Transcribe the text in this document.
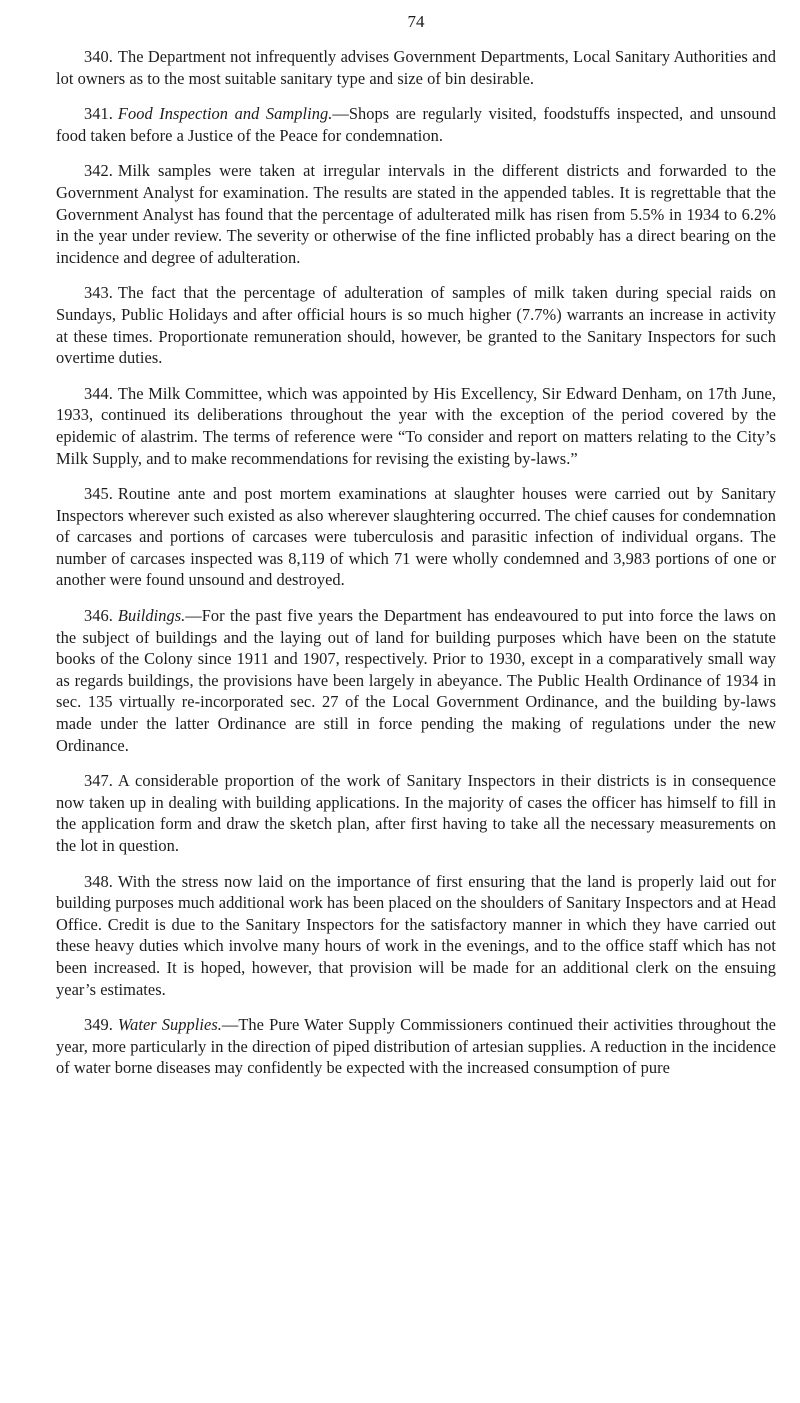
74

340. The Department not infrequently advises Government Departments, Local Sanitary Authorities and lot owners as to the most suitable sanitary type and size of bin desirable.

341. Food Inspection and Sampling.—Shops are regularly visited, foodstuffs inspected, and unsound food taken before a Justice of the Peace for condemnation.

342. Milk samples were taken at irregular intervals in the different districts and forwarded to the Government Analyst for examination. The results are stated in the appended tables. It is regrettable that the Government Analyst has found that the percentage of adulterated milk has risen from 5.5% in 1934 to 6.2% in the year under review. The severity or otherwise of the fine inflicted probably has a direct bearing on the incidence and degree of adulteration.

343. The fact that the percentage of adulteration of samples of milk taken during special raids on Sundays, Public Holidays and after official hours is so much higher (7.7%) warrants an increase in activity at these times. Proportionate remuneration should, however, be granted to the Sanitary Inspectors for such overtime duties.

344. The Milk Committee, which was appointed by His Excellency, Sir Edward Denham, on 17th June, 1933, continued its deliberations throughout the year with the exception of the period covered by the epidemic of alastrim. The terms of reference were “To consider and report on matters relating to the City’s Milk Supply, and to make recommendations for revising the existing by-laws.”

345. Routine ante and post mortem examinations at slaughter houses were carried out by Sanitary Inspectors wherever such existed as also wherever slaughtering occurred. The chief causes for condemnation of carcases and portions of carcases were tuberculosis and parasitic infection of individual organs. The number of carcases inspected was 8,119 of which 71 were wholly condemned and 3,983 portions of one or another were found unsound and destroyed.

346. Buildings.—For the past five years the Department has endeavoured to put into force the laws on the subject of buildings and the laying out of land for building purposes which have been on the statute books of the Colony since 1911 and 1907, respectively. Prior to 1930, except in a comparatively small way as regards buildings, the provisions have been largely in abeyance. The Public Health Ordinance of 1934 in sec. 135 virtually re-incorporated sec. 27 of the Local Government Ordinance, and the building by-laws made under the latter Ordinance are still in force pending the making of regulations under the new Ordinance.

347. A considerable proportion of the work of Sanitary Inspectors in their districts is in consequence now taken up in dealing with building applications. In the majority of cases the officer has himself to fill in the application form and draw the sketch plan, after first having to take all the necessary measurements on the lot in question.

348. With the stress now laid on the importance of first ensuring that the land is properly laid out for building purposes much additional work has been placed on the shoulders of Sanitary Inspectors and at Head Office. Credit is due to the Sanitary Inspectors for the satisfactory manner in which they have carried out these heavy duties which involve many hours of work in the evenings, and to the office staff which has not been increased. It is hoped, however, that provision will be made for an additional clerk on the ensuing year’s estimates.

349. Water Supplies.—The Pure Water Supply Commissioners continued their activities throughout the year, more particularly in the direction of piped distribution of artesian supplies. A reduction in the incidence of water borne diseases may confidently be expected with the increased consumption of pure
